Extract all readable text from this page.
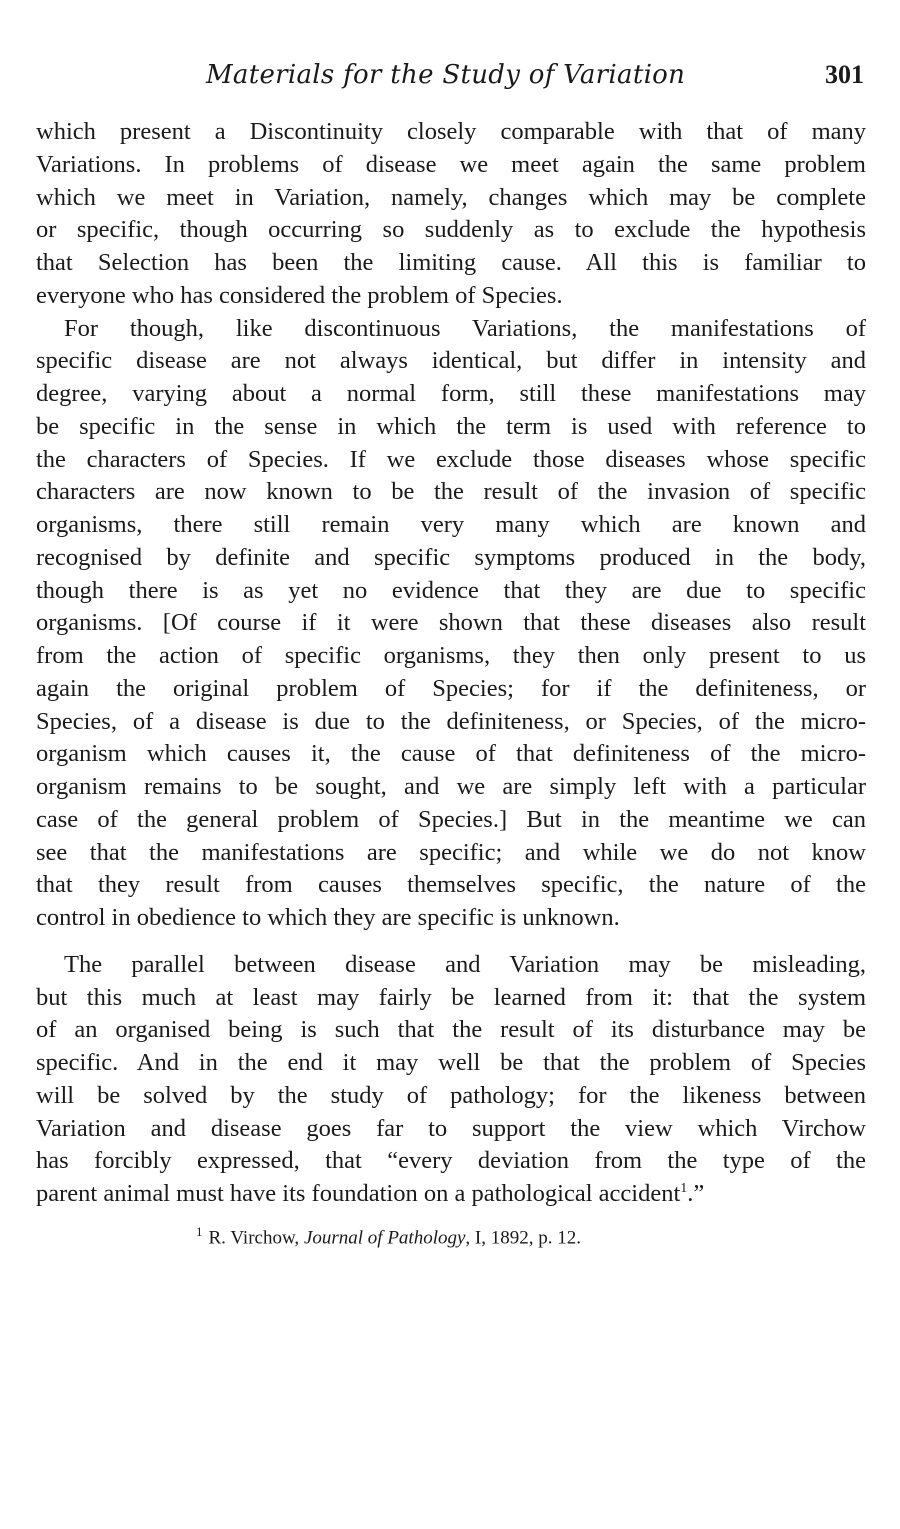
Materials for the Study of Variation	301
which present a Discontinuity closely comparable with that of many
Variations. In problems of disease we meet again the same problem
which we meet in Variation, namely, changes which may be complete
or specific, though occurring so suddenly as to exclude the hypothesis
that Selection has been the limiting cause. All this is familiar to
everyone who has considered the problem of Species.
For though, like discontinuous Variations, the manifestations of
specific disease are not always identical, but differ in intensity and
degree, varying about a normal form, still these manifestations may
be specific in the sense in which the term is used with reference to
the characters of Species. If we exclude those diseases whose specific
characters are now known to be the result of the invasion of specific
organisms, there still remain very many which are known and
recognised by definite and specific symptoms produced in the body,
though there is as yet no evidence that they are due to specific
organisms. [Of course if it were shown that these diseases also result
from the action of specific organisms, they then only present to us
again the original problem of Species; for if the definiteness, or
Species, of a disease is due to the definiteness, or Species, of the micro-
organism which causes it, the cause of that definiteness of the micro-
organism remains to be sought, and we are simply left with a particular
case of the general problem of Species.] But in the meantime we can
see that the manifestations are specific; and while we do not know
that they result from causes themselves specific, the nature of the
control in obedience to which they are specific is unknown.
The parallel between disease and Variation may be misleading,
but this much at least may fairly be learned from it: that the system
of an organised being is such that the result of its disturbance may be
specific. And in the end it may well be that the problem of Species
will be solved by the study of pathology; for the likeness between
Variation and disease goes far to support the view which Virchow
has forcibly expressed, that “every deviation from the type of the
parent animal must have its foundation on a pathological accident$^1$.”
$^1$ R. Virchow, Journal of Pathology, I, 1892, p. 12.
